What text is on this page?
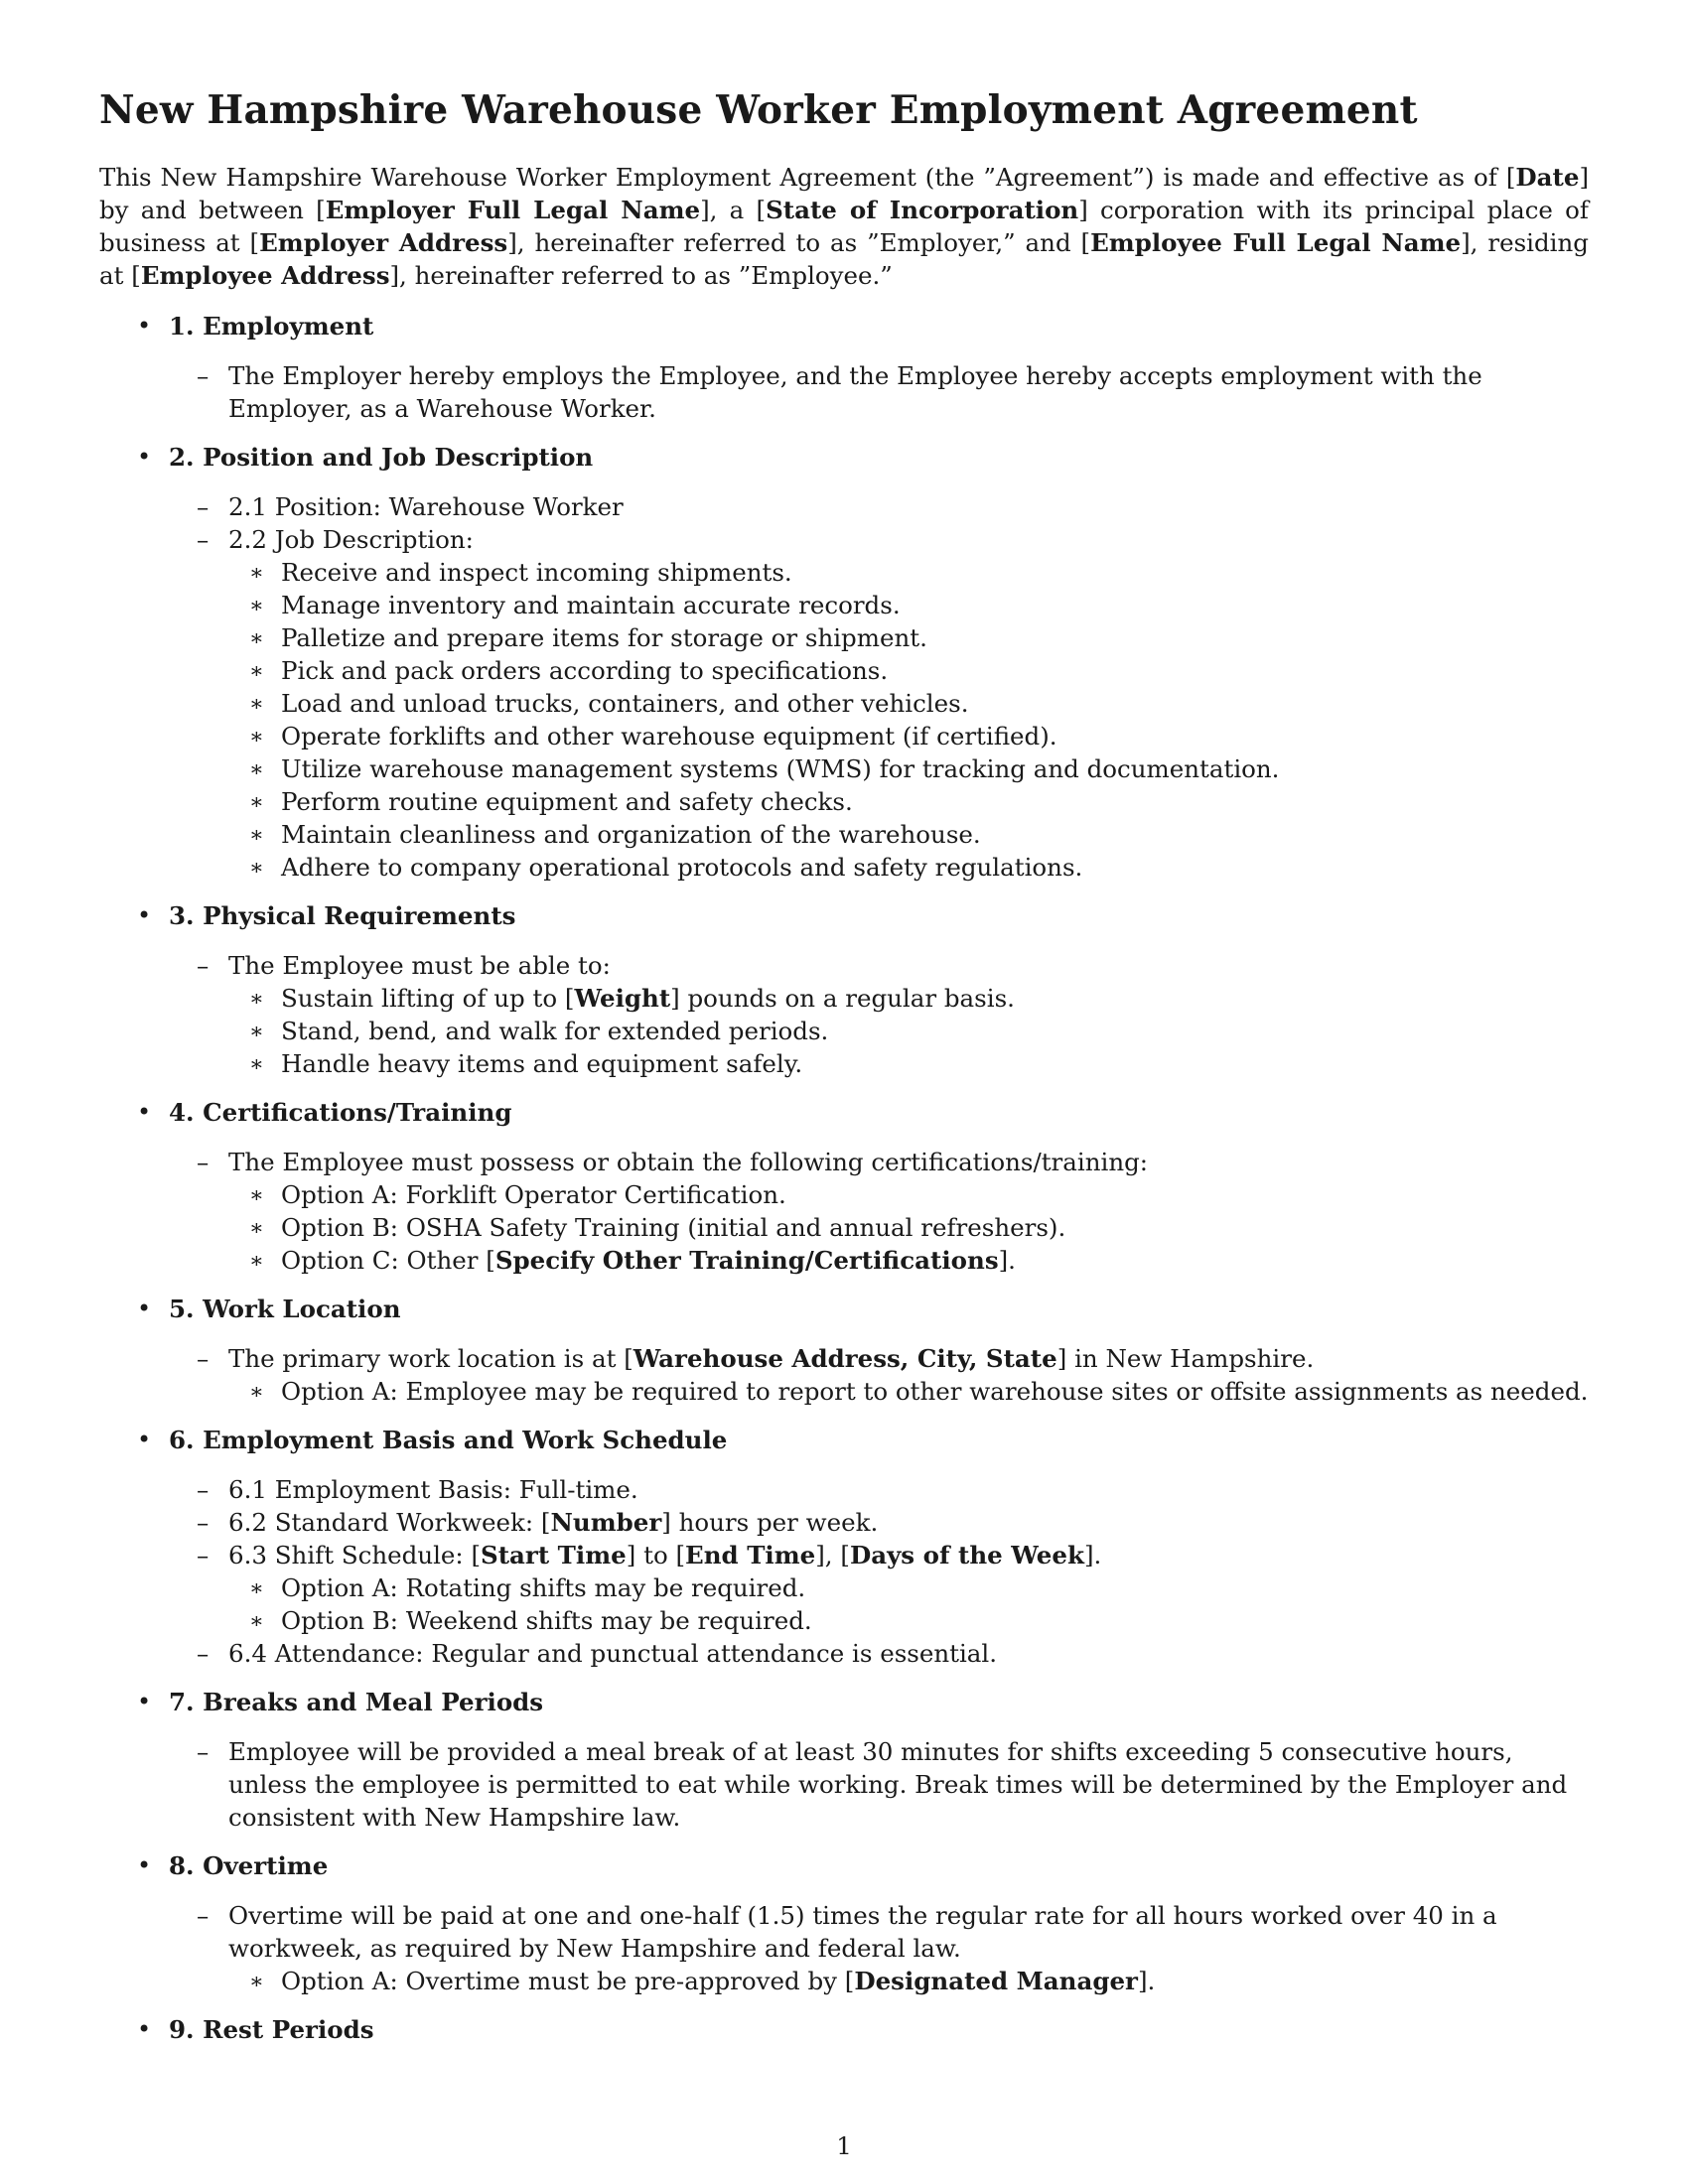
New Hampshire Warehouse Worker Employment Agreement
This New Hampshire Warehouse Worker Employment Agreement (the ”Agreement”) is made and effective as of [Date] by and between [Employer Full Legal Name], a [State of Incorporation] corporation with its principal place of business at [Employer Address], hereinafter referred to as ”Employer,” and [Employee Full Legal Name], residing at [Employee Address], hereinafter referred to as ”Employee.”
• 1. Employment
– The Employer hereby employs the Employee, and the Employee hereby accepts employment with the Employer, as a Warehouse Worker.
• 2. Position and Job Description
– 2.1 Position: Warehouse Worker
– 2.2 Job Description:
∗ Receive and inspect incoming shipments.
∗ Manage inventory and maintain accurate records.
∗ Palletize and prepare items for storage or shipment.
∗ Pick and pack orders according to specifications.
∗ Load and unload trucks, containers, and other vehicles.
∗ Operate forklifts and other warehouse equipment (if certified).
∗ Utilize warehouse management systems (WMS) for tracking and documentation.
∗ Perform routine equipment and safety checks.
∗ Maintain cleanliness and organization of the warehouse.
∗ Adhere to company operational protocols and safety regulations.
• 3. Physical Requirements
– The Employee must be able to:
∗ Sustain lifting of up to [Weight] pounds on a regular basis.
∗ Stand, bend, and walk for extended periods.
∗ Handle heavy items and equipment safely.
• 4. Certifications/Training
– The Employee must possess or obtain the following certifications/training:
∗ Option A: Forklift Operator Certification.
∗ Option B: OSHA Safety Training (initial and annual refreshers).
∗ Option C: Other [Specify Other Training/Certifications].
• 5. Work Location
– The primary work location is at [Warehouse Address, City, State] in New Hampshire.
∗ Option A: Employee may be required to report to other warehouse sites or offsite assignments as needed.
• 6. Employment Basis and Work Schedule
– 6.1 Employment Basis: Full-time.
– 6.2 Standard Workweek: [Number] hours per week.
– 6.3 Shift Schedule: [Start Time] to [End Time], [Days of the Week].
∗ Option A: Rotating shifts may be required.
∗ Option B: Weekend shifts may be required.
– 6.4 Attendance: Regular and punctual attendance is essential.
• 7. Breaks and Meal Periods
– Employee will be provided a meal break of at least 30 minutes for shifts exceeding 5 consecutive hours, unless the employee is permitted to eat while working. Break times will be determined by the Employer and consistent with New Hampshire law.
• 8. Overtime
– Overtime will be paid at one and one-half (1.5) times the regular rate for all hours worked over 40 in a workweek, as required by New Hampshire and federal law.
∗ Option A: Overtime must be pre-approved by [Designated Manager].
• 9. Rest Periods
1
